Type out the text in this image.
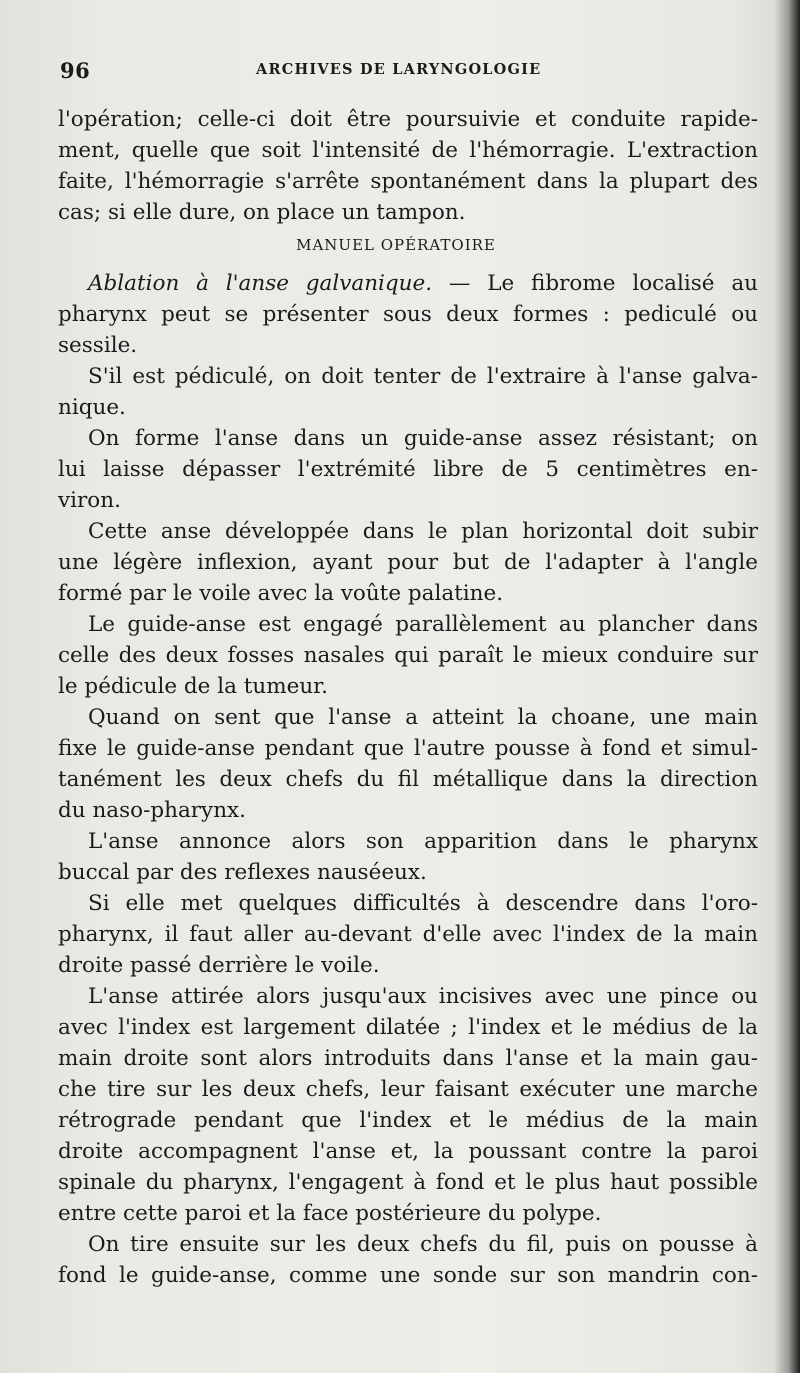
96	ARCHIVES DE LARYNGOLOGIE
l'opération; celle-ci doit être poursuivie et conduite rapide-
ment, quelle que soit l'intensité de l'hémorragie. L'extraction
faite, l'hémorragie s'arrête spontanément dans la plupart des
cas; si elle dure, on place un tampon.
MANUEL OPÉRATOIRE
Ablation à l'anse galvanique. — Le fibrome localisé au
pharynx peut se présenter sous deux formes : pediculé ou
sessile.
S'il est pédiculé, on doit tenter de l'extraire à l'anse galva-
nique.
On forme l'anse dans un guide-anse assez résistant; on
lui laisse dépasser l'extrémité libre de 5 centimètres en-
viron.
Cette anse développée dans le plan horizontal doit subir
une légère inflexion, ayant pour but de l'adapter à l'angle
formé par le voile avec la voûte palatine.
Le guide-anse est engagé parallèlement au plancher dans
celle des deux fosses nasales qui paraît le mieux conduire sur
le pédicule de la tumeur.
Quand on sent que l'anse a atteint la choane, une main
fixe le guide-anse pendant que l'autre pousse à fond et simul-
tanément les deux chefs du fil métallique dans la direction
du naso-pharynx.
L'anse annonce alors son apparition dans le pharynx
buccal par des reflexes nauséeux.
Si elle met quelques difficultés à descendre dans l'oro-
pharynx, il faut aller au-devant d'elle avec l'index de la main
droite passé derrière le voile.
L'anse attirée alors jusqu'aux incisives avec une pince ou
avec l'index est largement dilatée ; l'index et le médius de la
main droite sont alors introduits dans l'anse et la main gau-
che tire sur les deux chefs, leur faisant exécuter une marche
rétrograde pendant que l'index et le médius de la main
droite accompagnent l'anse et, la poussant contre la paroi
spinale du pharynx, l'engagent à fond et le plus haut possible
entre cette paroi et la face postérieure du polype.
On tire ensuite sur les deux chefs du fil, puis on pousse à
fond le guide-anse, comme une sonde sur son mandrin con-
